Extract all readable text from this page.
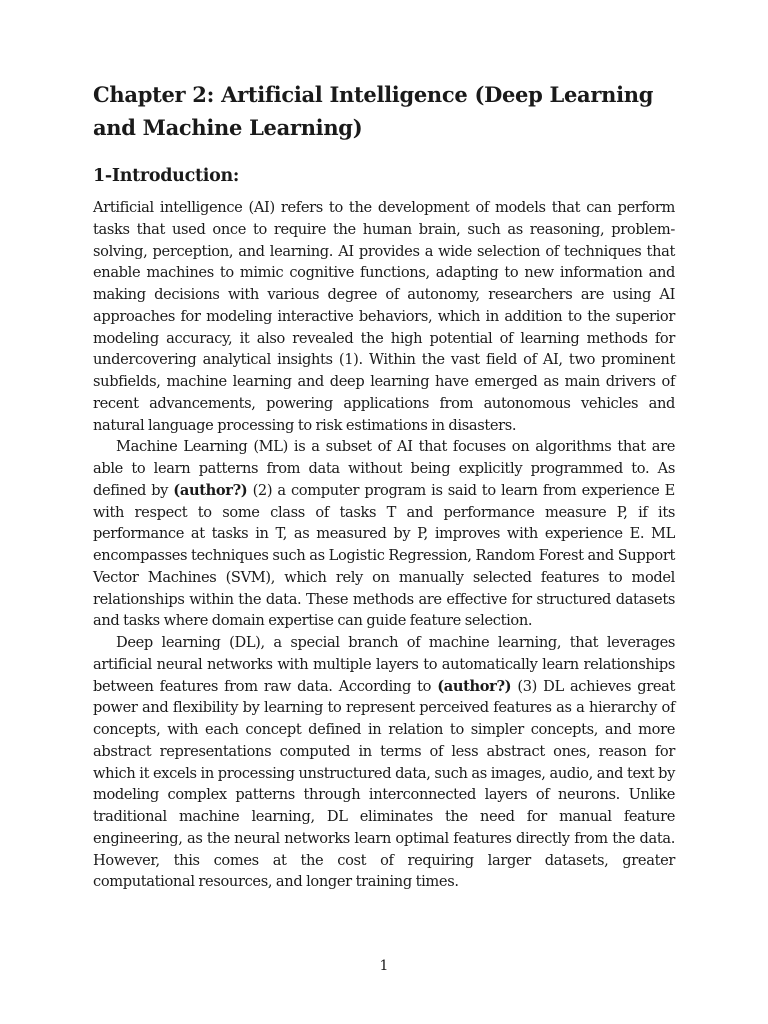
Chapter 2: Artificial Intelligence (Deep Learning and Machine Learning)
1-Introduction:

Artificial intelligence (AI) refers to the development of models that can perform tasks that used once to require the human brain, such as reasoning, problem-solving, perception, and learning. AI provides a wide selection of techniques that enable machines to mimic cognitive functions, adapting to new information and making decisions with various degree of autonomy, researchers are using AI approaches for modeling interactive behaviors, which in addition to the superior modeling accuracy, it also revealed the high potential of learning methods for undercovering analytical insights (1). Within the vast field of AI, two prominent subfields, machine learning and deep learning have emerged as main drivers of recent advancements, powering applications from autonomous vehicles and natural language processing to risk estimations in disasters.

Machine Learning (ML) is a subset of AI that focuses on algorithms that are able to learn patterns from data without being explicitly programmed to. As defined by (author?) (2) a computer program is said to learn from experience E with respect to some class of tasks T and performance measure P, if its performance at tasks in T, as measured by P, improves with experience E. ML encompasses techniques such as Logistic Regression, Random Forest and Support Vector Machines (SVM), which rely on manually selected features to model relationships within the data. These methods are effective for structured datasets and tasks where domain expertise can guide feature selection.

Deep learning (DL), a special branch of machine learning, that leverages artificial neural networks with multiple layers to automatically learn relationships between features from raw data. According to (author?) (3) DL achieves great power and flexibility by learning to represent perceived features as a hierarchy of concepts, with each concept defined in relation to simpler concepts, and more abstract representations computed in terms of less abstract ones, reason for which it excels in processing unstructured data, such as images, audio, and text by modeling complex patterns through interconnected layers of neurons. Unlike traditional machine learning, DL eliminates the need for manual feature engineering, as the neural networks learn optimal features directly from the data. However, this comes at the cost of requiring larger datasets, greater computational resources, and longer training times.

1
